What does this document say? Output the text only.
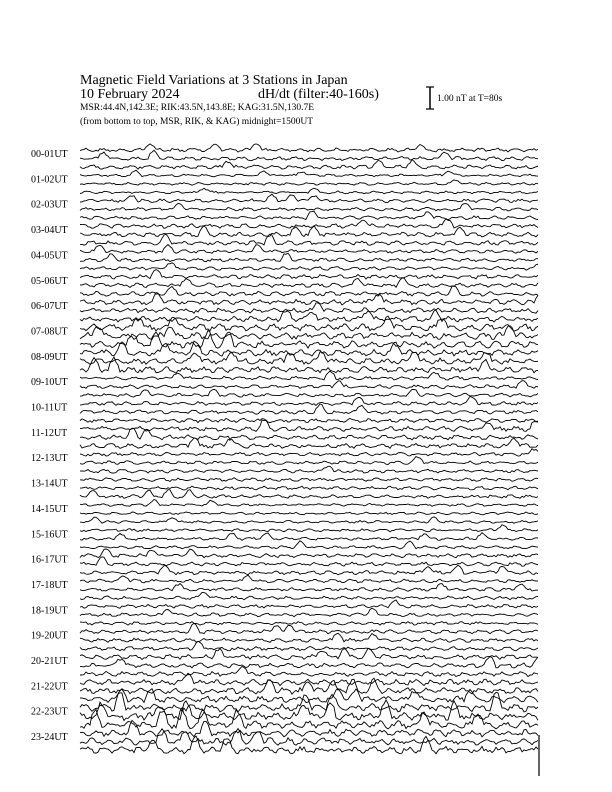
Magnetic Field Variations at 3 Stations in Japan
10 February 2024	dH/dt (filter:40-160s)
MSR:44.4N,142.3E; RIK:43.5N,143.8E; KAG:31.5N,130.7E
(from bottom to top, MSR, RIK, & KAG) midnight=1500UT
1.00 nT at T=80s
00-01UT
01-02UT
02-03UT
03-04UT
04-05UT
05-06UT
06-07UT
07-08UT
08-09UT
09-10UT
10-11UT
11-12UT
12-13UT
13-14UT
14-15UT
15-16UT
16-17UT
17-18UT
18-19UT
19-20UT
20-21UT
21-22UT
22-23UT
23-24UT
